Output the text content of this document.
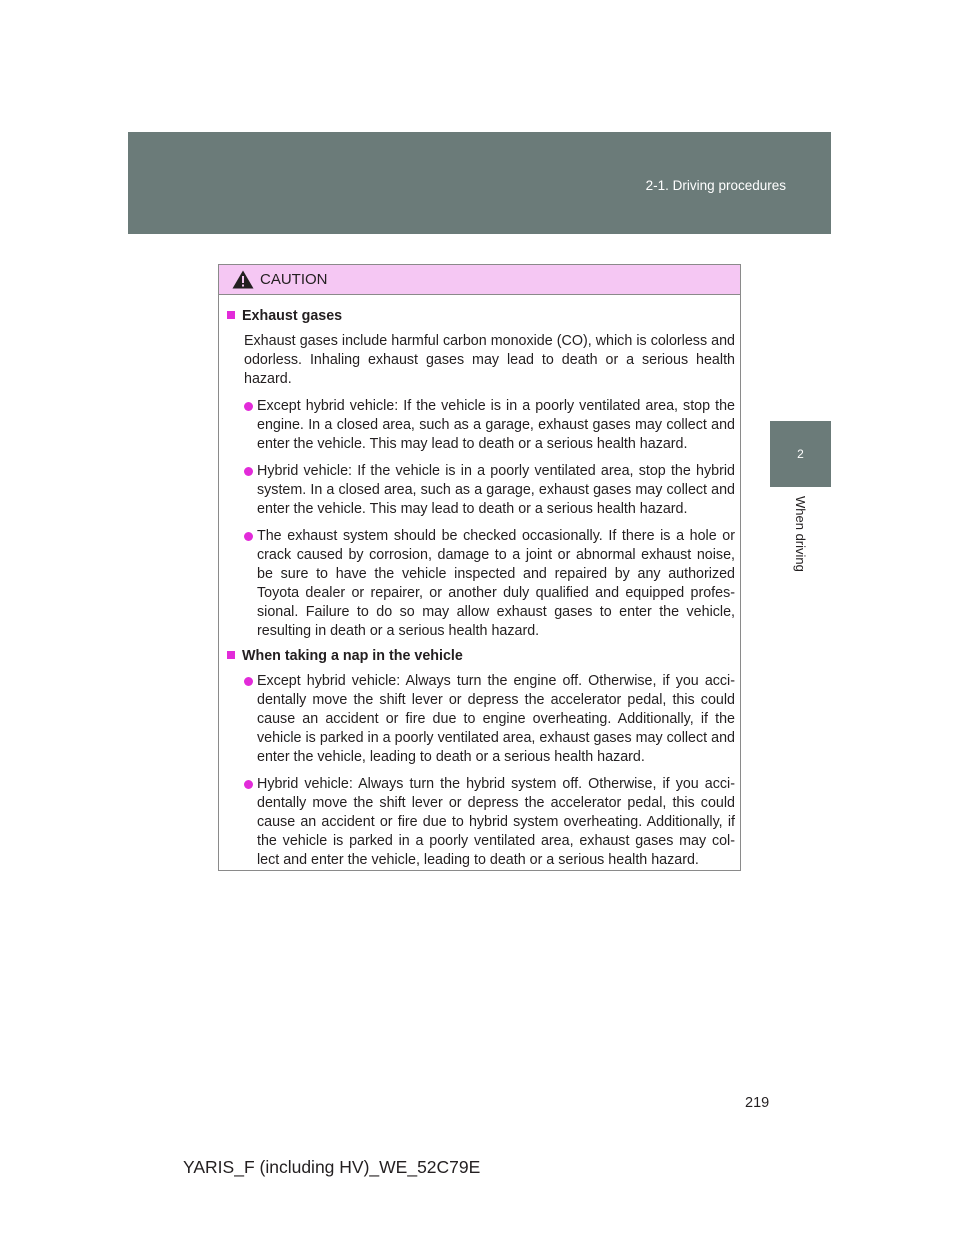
2-1. Driving procedures
2
When driving
CAUTION
Exhaust gases
Exhaust gases include harmful carbon monoxide (CO), which is colorless and odorless. Inhaling exhaust gases may lead to death or a serious health hazard.
Except hybrid vehicle: If the vehicle is in a poorly ventilated area, stop the engine. In a closed area, such as a garage, exhaust gases may collect and enter the vehicle. This may lead to death or a serious health hazard.
Hybrid vehicle: If the vehicle is in a poorly ventilated area, stop the hybrid system. In a closed area, such as a garage, exhaust gases may collect and enter the vehicle. This may lead to death or a serious health hazard.
The exhaust system should be checked occasionally. If there is a hole or crack caused by corrosion, damage to a joint or abnormal exhaust noise, be sure to have the vehicle inspected and repaired by any authorized Toyota dealer or repairer, or another duly qualified and equipped profes-sional. Failure to do so may allow exhaust gases to enter the vehicle, resulting in death or a serious health hazard.
When taking a nap in the vehicle
Except hybrid vehicle: Always turn the engine off. Otherwise, if you acci-dentally move the shift lever or depress the accelerator pedal, this could cause an accident or fire due to engine overheating. Additionally, if the vehicle is parked in a poorly ventilated area, exhaust gases may collect and enter the vehicle, leading to death or a serious health hazard.
Hybrid vehicle: Always turn the hybrid system off. Otherwise, if you acci-dentally move the shift lever or depress the accelerator pedal, this could cause an accident or fire due to hybrid system overheating. Additionally, if the vehicle is parked in a poorly ventilated area, exhaust gases may col-lect and enter the vehicle, leading to death or a serious health hazard.
219
YARIS_F (including HV)_WE_52C79E
